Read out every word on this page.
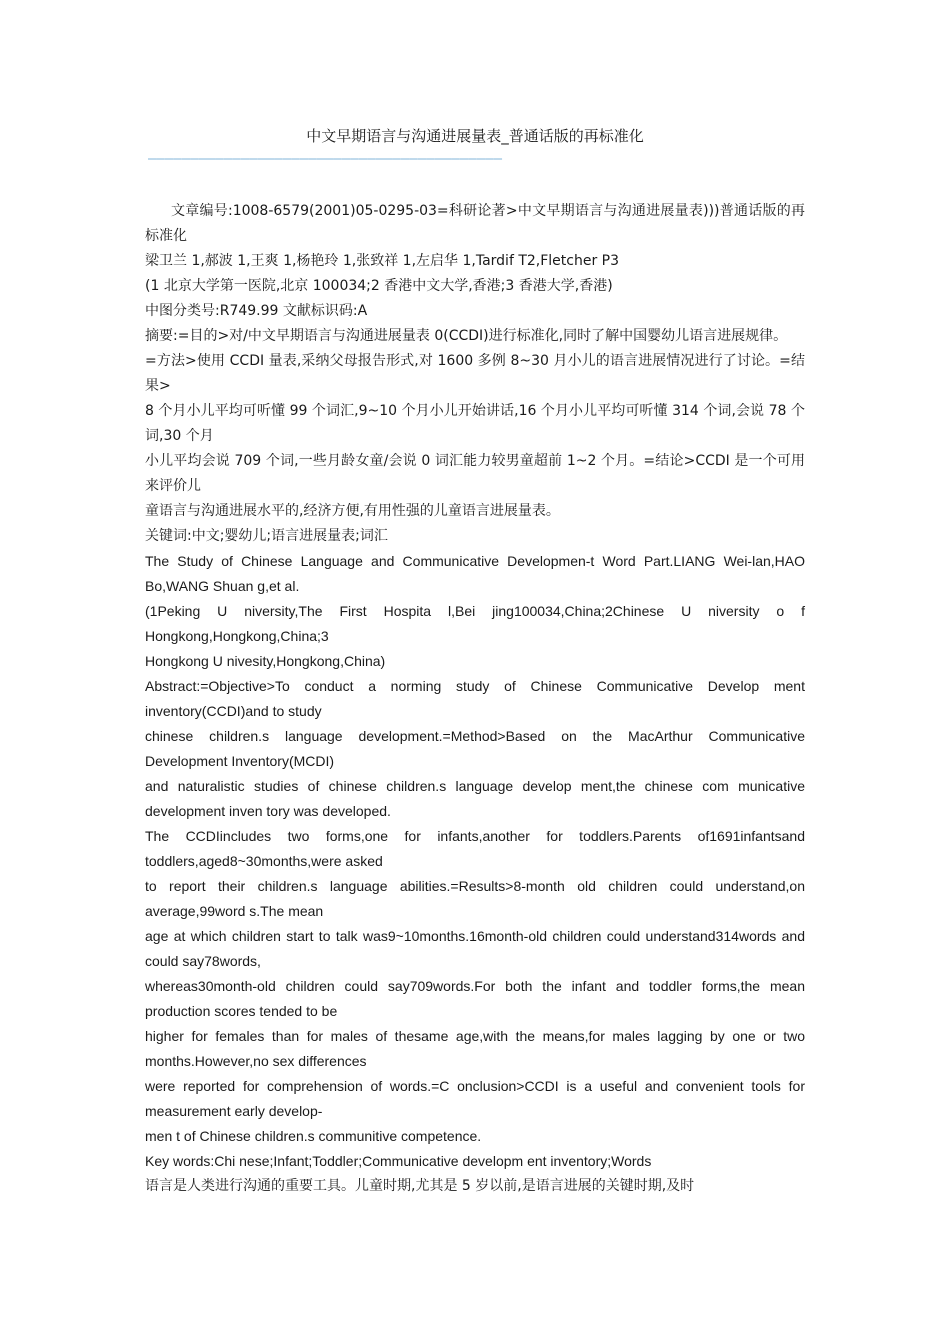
中文早期语言与沟通进展量表_普通话版的再标准化
——————————————————————————————————————————

文章编号:1008-6579(2001)05-0295-03=科研论著>中文早期语言与沟通进展量表)))普通话版的再标准化

梁卫兰 1,郝波 1,王爽 1,杨艳玲 1,张致祥 1,左启华 1,Tardif T2,Fletcher P3

(1 北京大学第一医院,北京 100034;2 香港中文大学,香港;3 香港大学,香港)

中图分类号:R749.99 文献标识码:A

摘要:=目的>对/中文早期语言与沟通进展量表 0(CCDI)进行标准化,同时了解中国婴幼儿语言进展规律。

=方法>使用 CCDI 量表,采纳父母报告形式,对 1600 多例 8~30 月小儿的语言进展情况进行了讨论。=结果>

8 个月小儿平均可听懂 99 个词汇,9~10 个月小儿开始讲话,16 个月小儿平均可听懂 314 个词,会说 78 个词,30 个月

小儿平均会说 709 个词,一些月龄女童/会说 0 词汇能力较男童超前 1~2 个月。=结论>CCDI 是一个可用来评价儿

童语言与沟通进展水平的,经济方便,有用性强的儿童语言进展量表。

关键词:中文;婴幼儿;语言进展量表;词汇

The Study of Chinese Language and Communicative Developmen-t Word Part.LIANG Wei-lan,HAO Bo,WANG Shuan g,et al.

(1Peking U niversity,The First Hospita l,Bei jing100034,China;2Chinese U niversity o f Hongkong,Hongkong,China;3

Hongkong U nivesity,Hongkong,China)

Abstract:=Objective>To conduct a norming study of Chinese Communicative Develop ment inventory(CCDI)and to study

chinese children.s language development.=Method>Based on the MacArthur Communicative Development Inventory(MCDI)

and naturalistic studies of chinese children.s language develop ment,the chinese com municative development inven tory was developed.

The CCDIincludes two forms,one for infants,another for toddlers.Parents of1691infantsand toddlers,aged8~30months,were asked

to report their children.s language abilities.=Results>8-month old children could understand,on average,99word s.The mean

age at which children start to talk was9~10months.16month-old children could understand314words and could say78words,

whereas30month-old children could say709words.For both the infant and toddler forms,the mean production scores tended to be

higher for females than for males of thesame age,with the means,for males lagging by one or two months.However,no sex differences

were reported for comprehension of words.=C onclusion>CCDI is a useful and convenient tools for measurement early develop-

men t of Chinese children.s communitive competence.

Key words:Chi nese;Infant;Toddler;Communicative developm ent inventory;Words

语言是人类进行沟通的重要工具。儿童时期,尤其是 5 岁以前,是语言进展的关键时期,及时
